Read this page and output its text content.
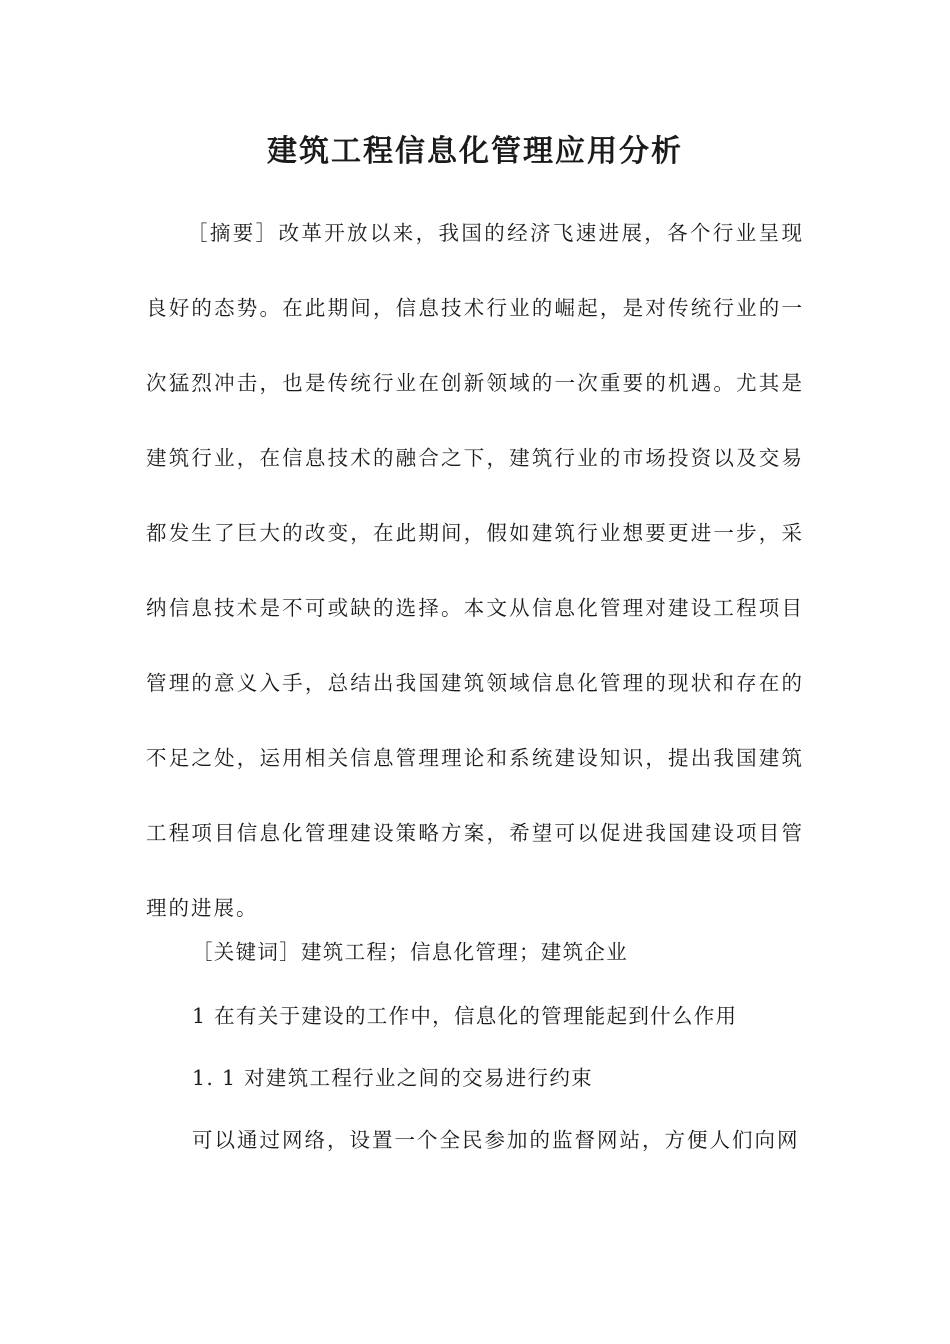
建筑工程信息化管理应用分析

［摘要］改革开放以来，我国的经济飞速进展，各个行业呈现良好的态势。在此期间，信息技术行业的崛起，是对传统行业的一次猛烈冲击，也是传统行业在创新领域的一次重要的机遇。尤其是建筑行业，在信息技术的融合之下，建筑行业的市场投资以及交易都发生了巨大的改变，在此期间，假如建筑行业想要更进一步，采纳信息技术是不可或缺的选择。本文从信息化管理对建设工程项目管理的意义入手，总结出我国建筑领域信息化管理的现状和存在的不足之处，运用相关信息管理理论和系统建设知识，提出我国建筑工程项目信息化管理建设策略方案，希望可以促进我国建设项目管理的进展。

［关键词］建筑工程；信息化管理；建筑企业

1 在有关于建设的工作中，信息化的管理能起到什么作用

1. 1 对建筑工程行业之间的交易进行约束

可以通过网络，设置一个全民参加的监督网站，方便人们向网
